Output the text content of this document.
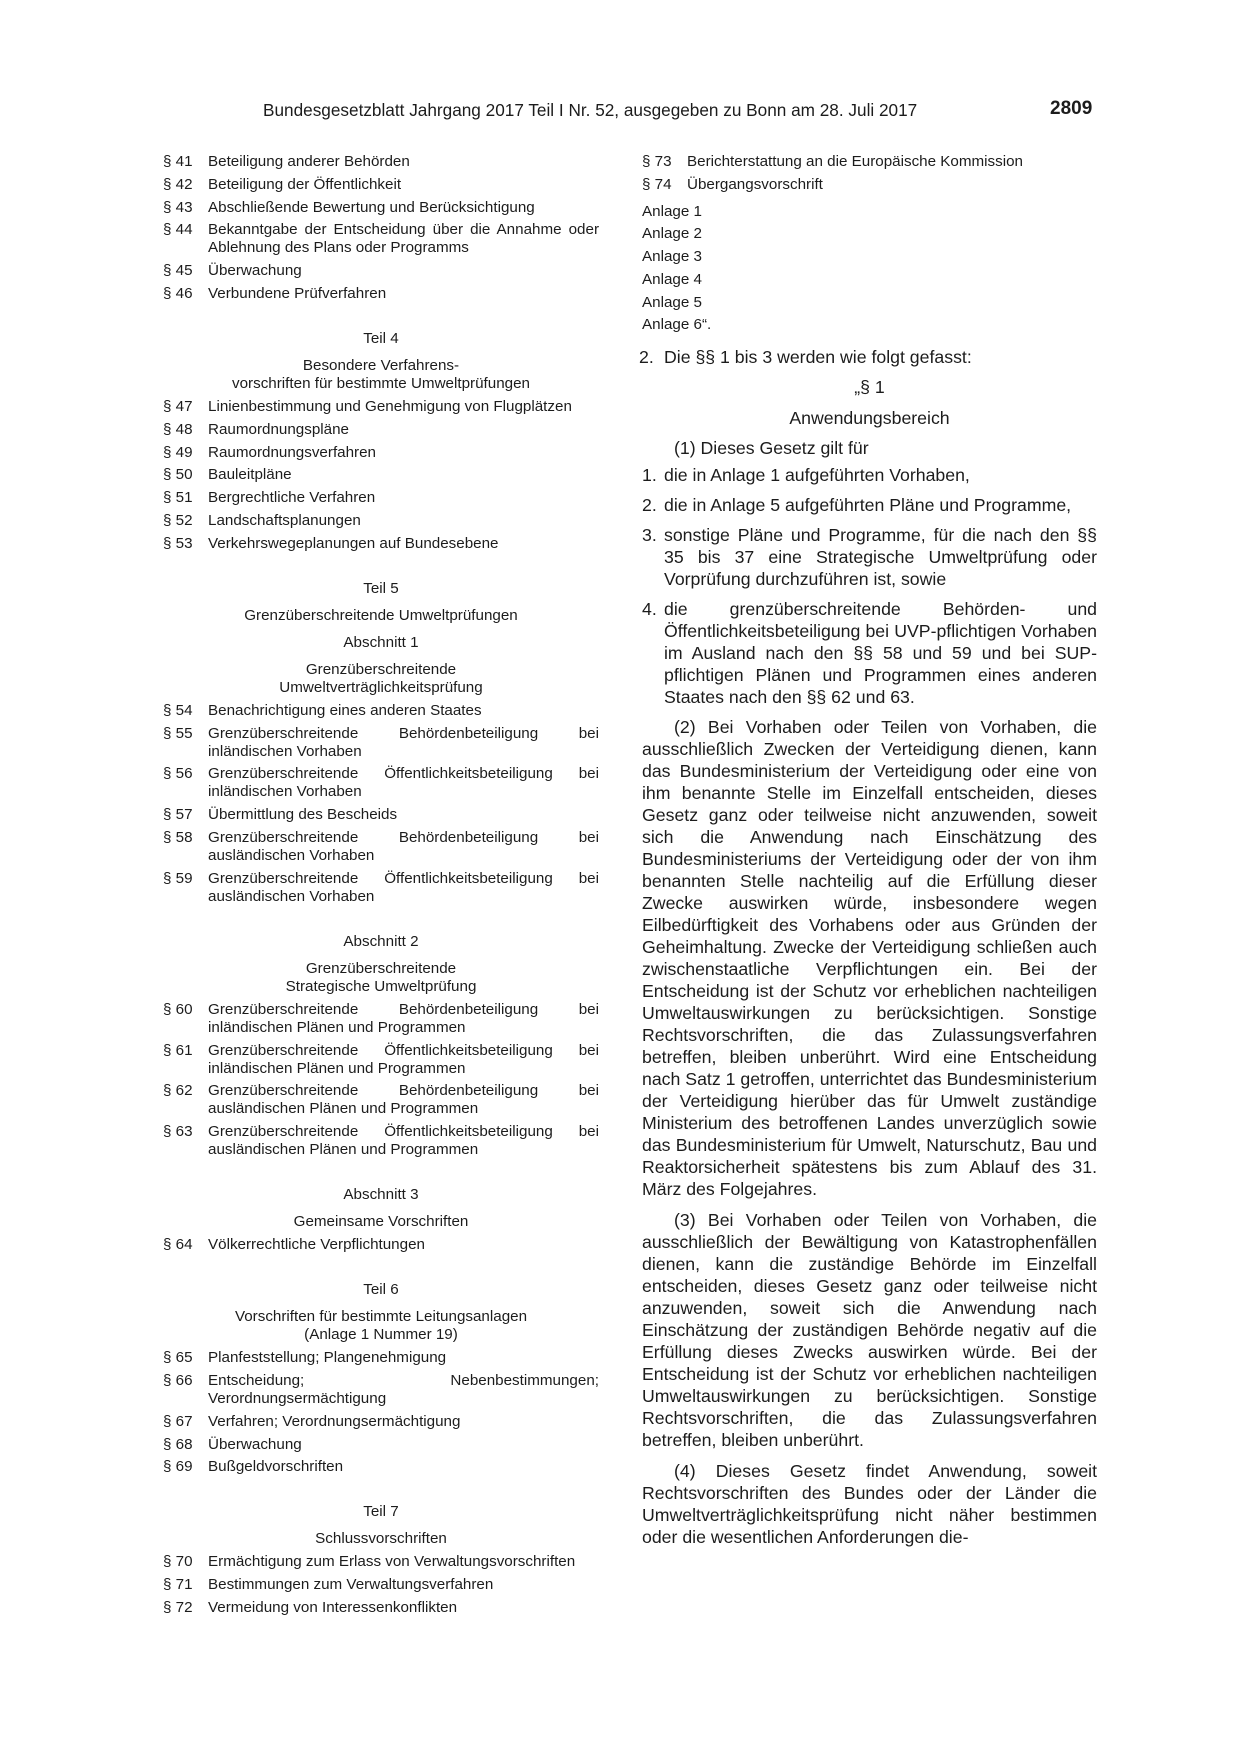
Bundesgesetzblatt Jahrgang 2017 Teil I Nr. 52, ausgegeben zu Bonn am 28. Juli 2017	2809
§ 41	Beteiligung anderer Behörden
§ 42	Beteiligung der Öffentlichkeit
§ 43	Abschließende Bewertung und Berücksichtigung
§ 44	Bekanntgabe der Entscheidung über die Annahme oder Ablehnung des Plans oder Programms
§ 45	Überwachung
§ 46	Verbundene Prüfverfahren
Teil 4
Besondere Verfahrens-
vorschriften für bestimmte Umweltprüfungen
§ 47	Linienbestimmung und Genehmigung von Flugplätzen
§ 48	Raumordnungspläne
§ 49	Raumordnungsverfahren
§ 50	Bauleitpläne
§ 51	Bergrechtliche Verfahren
§ 52	Landschaftsplanungen
§ 53	Verkehrswegeplanungen auf Bundesebene
Teil 5
Grenzüberschreitende Umweltprüfungen
Abschnitt 1
Grenzüberschreitende
Umweltverträglichkeitsprüfung
§ 54	Benachrichtigung eines anderen Staates
§ 55	Grenzüberschreitende Behördenbeteiligung bei inländischen Vorhaben
§ 56	Grenzüberschreitende Öffentlichkeitsbeteiligung bei inländischen Vorhaben
§ 57	Übermittlung des Bescheids
§ 58	Grenzüberschreitende Behördenbeteiligung bei ausländischen Vorhaben
§ 59	Grenzüberschreitende Öffentlichkeitsbeteiligung bei ausländischen Vorhaben
Abschnitt 2
Grenzüberschreitende
Strategische Umweltprüfung
§ 60	Grenzüberschreitende Behördenbeteiligung bei inländischen Plänen und Programmen
§ 61	Grenzüberschreitende Öffentlichkeitsbeteiligung bei inländischen Plänen und Programmen
§ 62	Grenzüberschreitende Behördenbeteiligung bei ausländischen Plänen und Programmen
§ 63	Grenzüberschreitende Öffentlichkeitsbeteiligung bei ausländischen Plänen und Programmen
Abschnitt 3
Gemeinsame Vorschriften
§ 64	Völkerrechtliche Verpflichtungen
Teil 6
Vorschriften für bestimmte Leitungsanlagen
(Anlage 1 Nummer 19)
§ 65	Planfeststellung; Plangenehmigung
§ 66	Entscheidung; Nebenbestimmungen; Verordnungsermächtigung
§ 67	Verfahren; Verordnungsermächtigung
§ 68	Überwachung
§ 69	Bußgeldvorschriften
Teil 7
Schlussvorschriften
§ 70	Ermächtigung zum Erlass von Verwaltungsvorschriften
§ 71	Bestimmungen zum Verwaltungsverfahren
§ 72	Vermeidung von Interessenkonflikten
§ 73	Berichterstattung an die Europäische Kommission
§ 74	Übergangsvorschrift
Anlage 1
Anlage 2
Anlage 3
Anlage 4
Anlage 5
Anlage 6“.
2. Die §§ 1 bis 3 werden wie folgt gefasst:
„§ 1
Anwendungsbereich
(1) Dieses Gesetz gilt für
1. die in Anlage 1 aufgeführten Vorhaben,
2. die in Anlage 5 aufgeführten Pläne und Programme,
3. sonstige Pläne und Programme, für die nach den §§ 35 bis 37 eine Strategische Umweltprüfung oder Vorprüfung durchzuführen ist, sowie
4. die grenzüberschreitende Behörden- und Öffentlichkeitsbeteiligung bei UVP-pflichtigen Vorhaben im Ausland nach den §§ 58 und 59 und bei SUP-pflichtigen Plänen und Programmen eines anderen Staates nach den §§ 62 und 63.
(2) Bei Vorhaben oder Teilen von Vorhaben, die ausschließlich Zwecken der Verteidigung dienen, kann das Bundesministerium der Verteidigung oder eine von ihm benannte Stelle im Einzelfall entscheiden, dieses Gesetz ganz oder teilweise nicht anzuwenden, soweit sich die Anwendung nach Einschätzung des Bundesministeriums der Verteidigung oder der von ihm benannten Stelle nachteilig auf die Erfüllung dieser Zwecke auswirken würde, insbesondere wegen Eilbedürftigkeit des Vorhabens oder aus Gründen der Geheimhaltung. Zwecke der Verteidigung schließen auch zwischenstaatliche Verpflichtungen ein. Bei der Entscheidung ist der Schutz vor erheblichen nachteiligen Umweltauswirkungen zu berücksichtigen. Sonstige Rechtsvorschriften, die das Zulassungsverfahren betreffen, bleiben unberührt. Wird eine Entscheidung nach Satz 1 getroffen, unterrichtet das Bundesministerium der Verteidigung hierüber das für Umwelt zuständige Ministerium des betroffenen Landes unverzüglich sowie das Bundesministerium für Umwelt, Naturschutz, Bau und Reaktorsicherheit spätestens bis zum Ablauf des 31. März des Folgejahres.
(3) Bei Vorhaben oder Teilen von Vorhaben, die ausschließlich der Bewältigung von Katastrophenfällen dienen, kann die zuständige Behörde im Einzelfall entscheiden, dieses Gesetz ganz oder teilweise nicht anzuwenden, soweit sich die Anwendung nach Einschätzung der zuständigen Behörde negativ auf die Erfüllung dieses Zwecks auswirken würde. Bei der Entscheidung ist der Schutz vor erheblichen nachteiligen Umweltauswirkungen zu berücksichtigen. Sonstige Rechtsvorschriften, die das Zulassungsverfahren betreffen, bleiben unberührt.
(4) Dieses Gesetz findet Anwendung, soweit Rechtsvorschriften des Bundes oder der Länder die Umweltverträglichkeitsprüfung nicht näher bestimmen oder die wesentlichen Anforderungen die-
